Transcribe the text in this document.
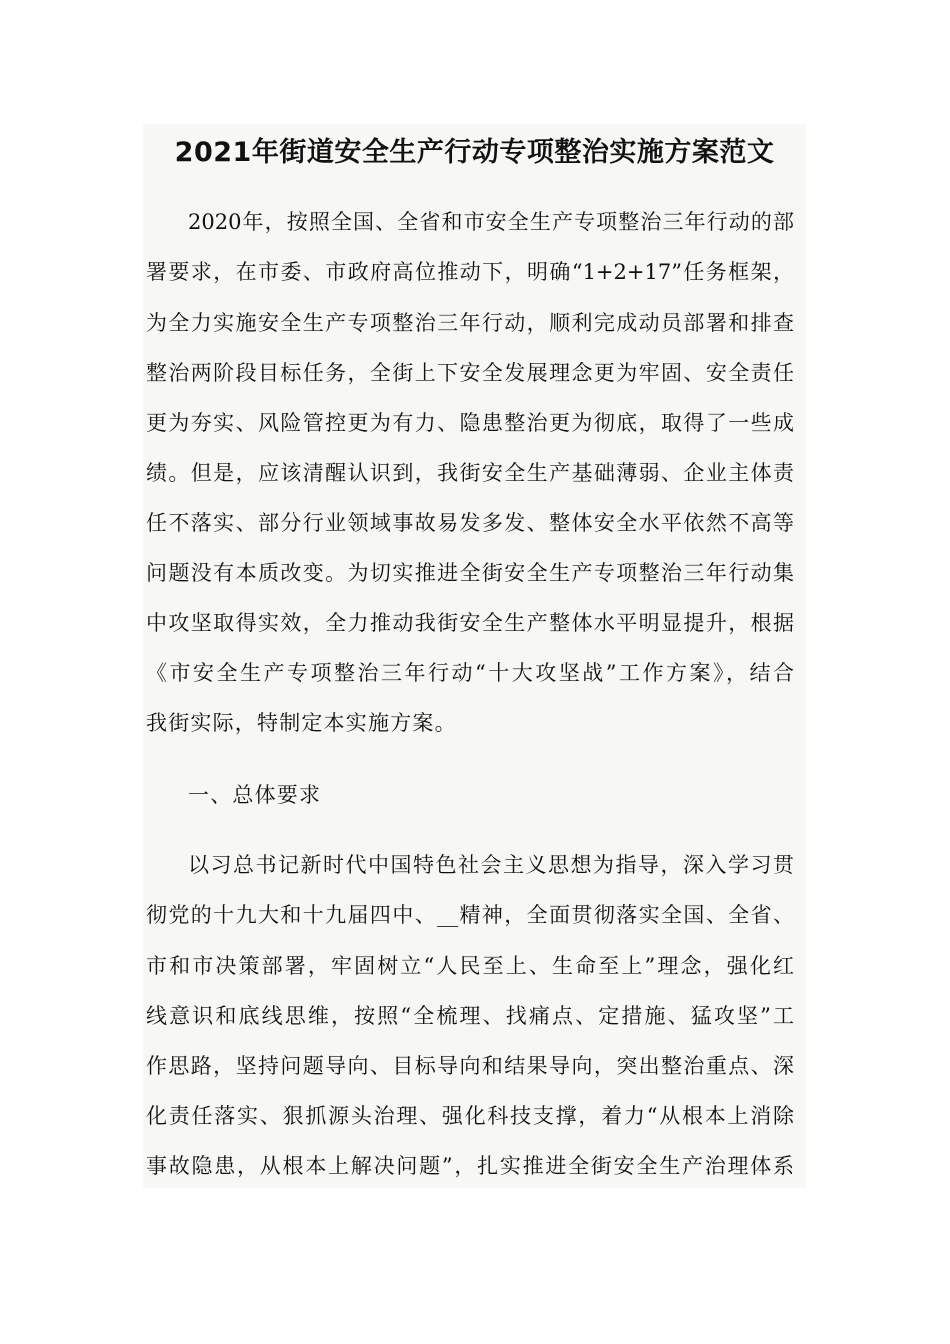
2021年街道安全生产行动专项整治实施方案范文

2020年，按照全国、全省和市安全生产专项整治三年行动的部

署要求，在市委、市政府高位推动下，明确“1+2+17”任务框架，

为全力实施安全生产专项整治三年行动，顺利完成动员部署和排查

整治两阶段目标任务，全街上下安全发展理念更为牢固、安全责任

更为夯实、风险管控更为有力、隐患整治更为彻底，取得了一些成

绩。但是，应该清醒认识到，我街安全生产基础薄弱、企业主体责

任不落实、部分行业领域事故易发多发、整体安全水平依然不高等

问题没有本质改变。为切实推进全街安全生产专项整治三年行动集

中攻坚取得实效，全力推动我街安全生产整体水平明显提升，根据

《市安全生产专项整治三年行动“十大攻坚战”工作方案》，结合

我街实际，特制定本实施方案。

一、总体要求

以习总书记新时代中国特色社会主义思想为指导，深入学习贯

彻党的十九大和十九届四中、__精神，全面贯彻落实全国、全省、

市和市决策部署，牢固树立“人民至上、生命至上”理念，强化红

线意识和底线思维，按照“全梳理、找痛点、定措施、猛攻坚”工

作思路，坚持问题导向、目标导向和结果导向，突出整治重点、深

化责任落实、狠抓源头治理、强化科技支撑，着力“从根本上消除

事故隐患，从根本上解决问题”，扎实推进全街安全生产治理体系
